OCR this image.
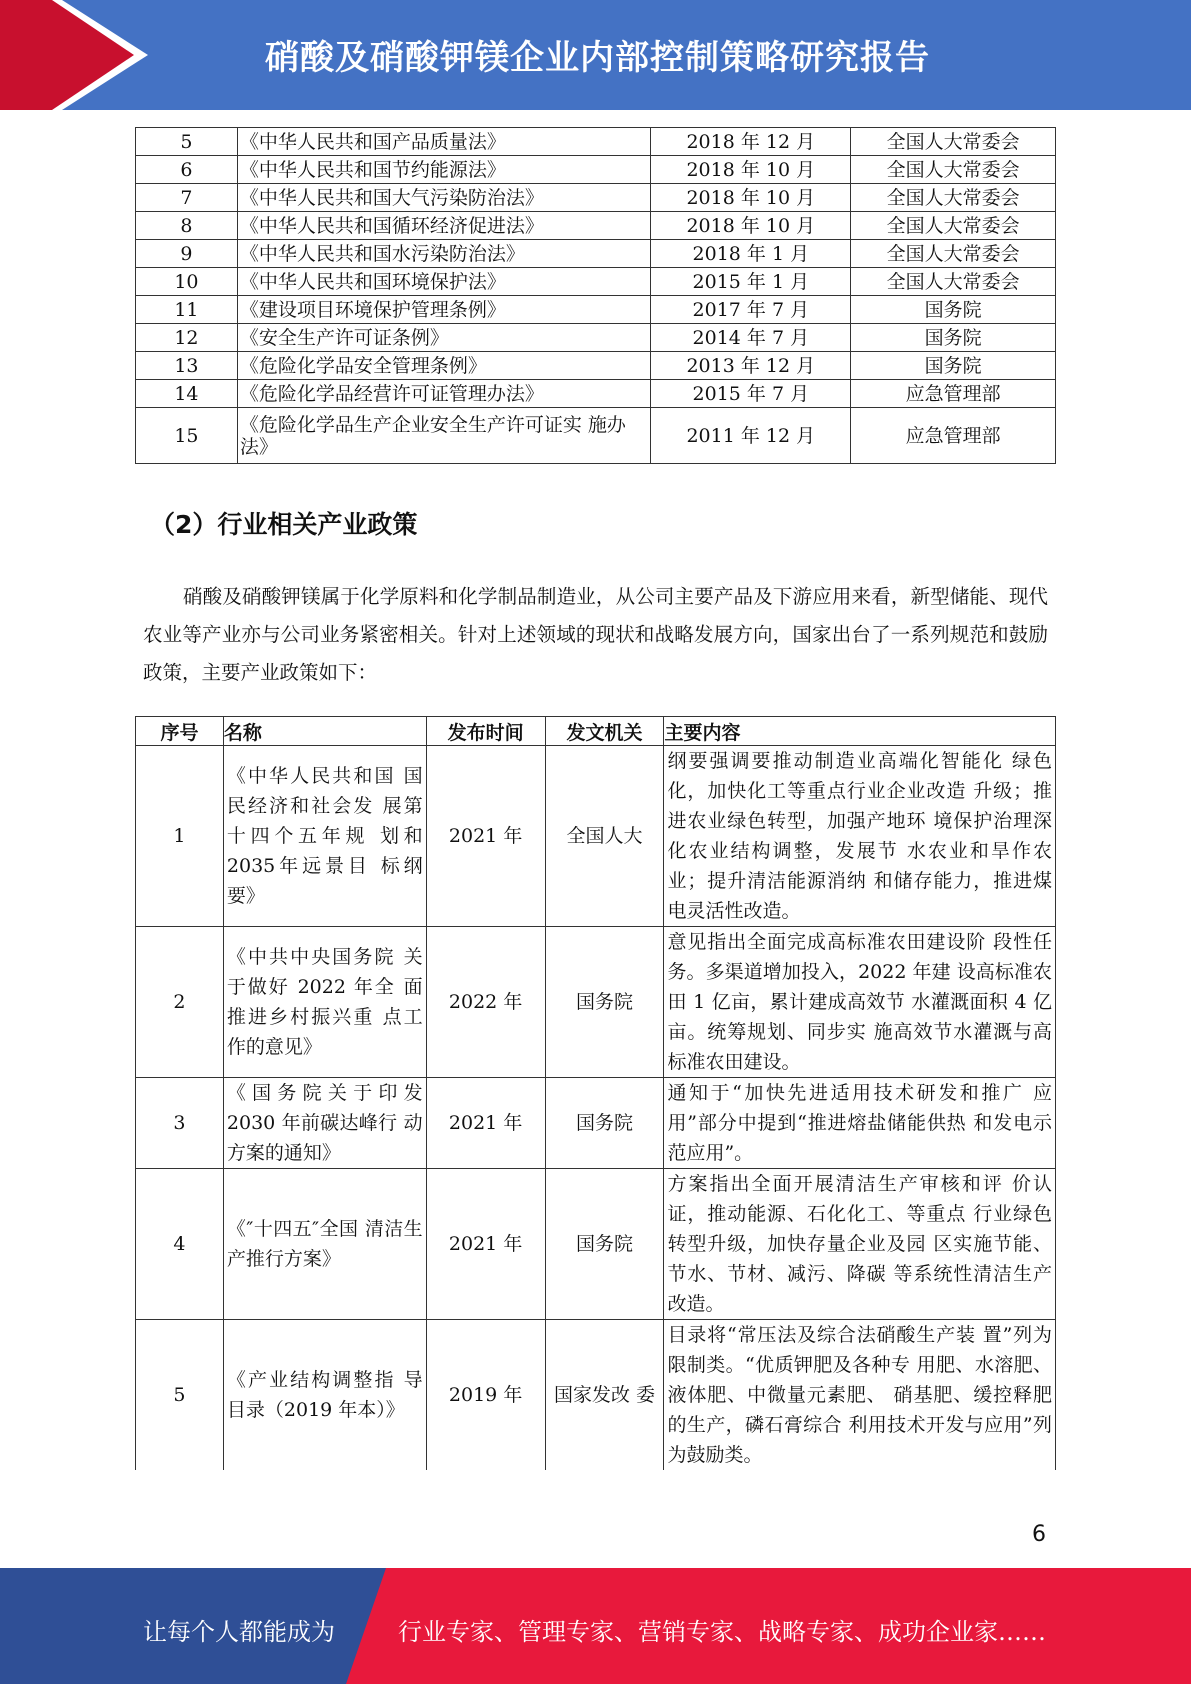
硝酸及硝酸钾镁企业内部控制策略研究报告
5	《中华人民共和国产品质量法》	2018 年 12 月	全国人大常委会
6	《中华人民共和国节约能源法》	2018 年 10 月	全国人大常委会
7	《中华人民共和国大气污染防治法》	2018 年 10 月	全国人大常委会
8	《中华人民共和国循环经济促进法》	2018 年 10 月	全国人大常委会
9	《中华人民共和国水污染防治法》	2018 年 1 月	全国人大常委会
10	《中华人民共和国环境保护法》	2015 年 1 月	全国人大常委会
11	《建设项目环境保护管理条例》	2017 年 7 月	国务院
12	《安全生产许可证条例》	2014 年 7 月	国务院
13	《危险化学品安全管理条例》	2013 年 12 月	国务院
14	《危险化学品经营许可证管理办法》	2015 年 7 月	应急管理部
15	《危险化学品生产企业安全生产许可证实 施办法》	2011 年 12 月	应急管理部
（2）行业相关产业政策

硝酸及硝酸钾镁属于化学原料和化学制品制造业，从公司主要产品及下游应用来看，新型储能、现代农业等产业亦与公司业务紧密相关。针对上述领域的现状和战略发展方向，国家出台了一系列规范和鼓励政策，主要产业政策如下：

序号	名称	发布时间	发文机关	主要内容
1	《中华人民共和国 国民经济和社会发 展第十四个五年规 划和 2035年远景目 标纲要》	2021 年	全国人大	纲要强调要推动制造业高端化智能化 绿色化，加快化工等重点行业企业改造 升级；推进农业绿色转型，加强产地环 境保护治理深化农业结构调整，发展节 水农业和旱作农业；提升清洁能源消纳 和储存能力，推进煤电灵活性改造。
2	《中共中央国务院 关于做好 2022 年全 面推进乡村振兴重 点工作的意见》	2022 年	国务院	意见指出全面完成高标准农田建设阶 段性任务。多渠道增加投入，2022 年建 设高标准农田 1 亿亩，累计建成高效节 水灌溉面积 4 亿亩。统筹规划、同步实 施高效节水灌溉与高标准农田建设。
3	《国务院关于印发 2030 年前碳达峰行 动方案的通知》	2021 年	国务院	通知于“加快先进适用技术研发和推广 应用”部分中提到“推进熔盐储能供热 和发电示范应用”。
4	《″十四五″全国 清洁生产推行方案》	2021 年	国务院	方案指出全面开展清洁生产审核和评 价认证，推动能源、石化化工、等重点 行业绿色转型升级，加快存量企业及园 区实施节能、节水、节材、减污、降碳 等系统性清洁生产改造。
5	《产业结构调整指 导目录（2019 年本）》	2019 年	国家发改 委	目录将“常压法及综合法硝酸生产装 置”列为限制类。“优质钾肥及各种专 用肥、水溶肥、液体肥、中微量元素肥、 硝基肥、缓控释肥的生产，磷石膏综合 利用技术开发与应用”列为鼓励类。
6
让每个人都能成为	行业专家、管理专家、营销专家、战略专家、成功企业家……
